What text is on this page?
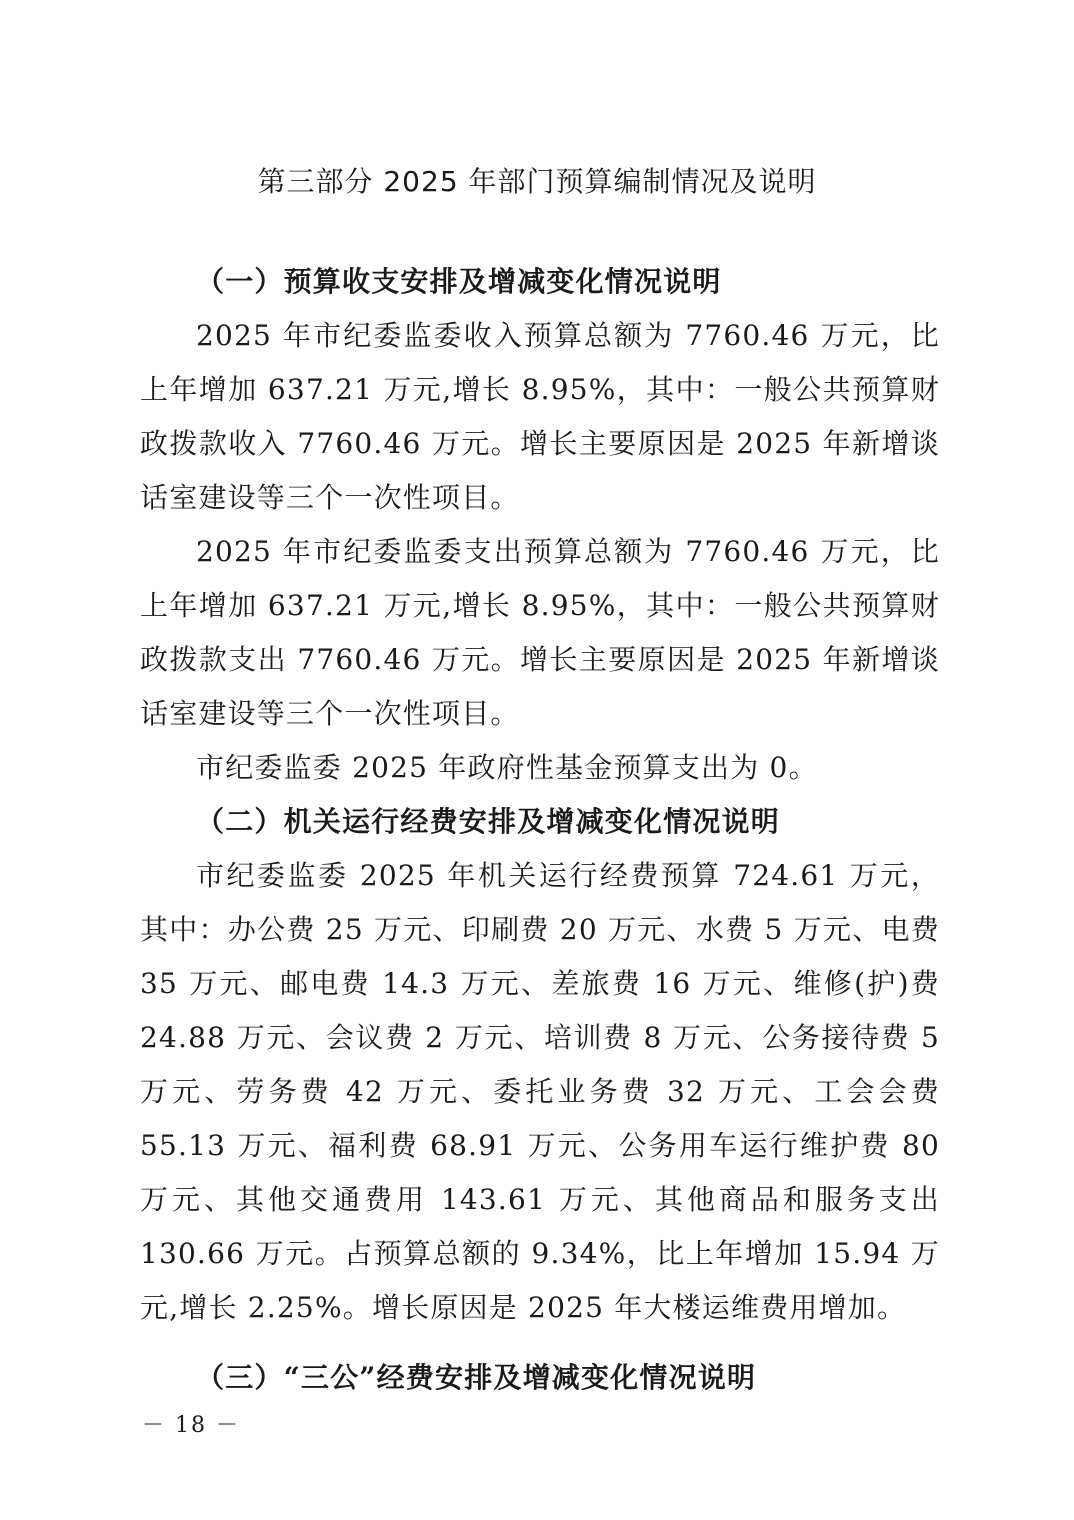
第三部分 2025 年部门预算编制情况及说明
（一）预算收支安排及增减变化情况说明

2025 年市纪委监委收入预算总额为 7760.46 万元，比上年增加 637.21 万元,增长 8.95%，其中：一般公共预算财政拨款收入 7760.46 万元。增长主要原因是 2025 年新增谈话室建设等三个一次性项目。

2025 年市纪委监委支出预算总额为 7760.46 万元，比上年增加 637.21 万元,增长 8.95%，其中：一般公共预算财政拨款支出 7760.46 万元。增长主要原因是 2025 年新增谈话室建设等三个一次性项目。

市纪委监委 2025 年政府性基金预算支出为 0。

（二）机关运行经费安排及增减变化情况说明

市纪委监委 2025 年机关运行经费预算 724.61 万元，其中：办公费 25 万元、印刷费 20 万元、水费 5 万元、电费 35 万元、邮电费 14.3 万元、差旅费 16 万元、维修(护)费 24.88 万元、会议费 2 万元、培训费 8 万元、公务接待费 5 万元、劳务费 42 万元、委托业务费 32 万元、工会会费 55.13 万元、福利费 68.91 万元、公务用车运行维护费 80 万元、其他交通费用 143.61 万元、其他商品和服务支出 130.66 万元。占预算总额的 9.34%，比上年增加 15.94 万元,增长 2.25%。增长原因是 2025 年大楼运维费用增加。

（三）“三公”经费安排及增减变化情况说明
－ 18 －
